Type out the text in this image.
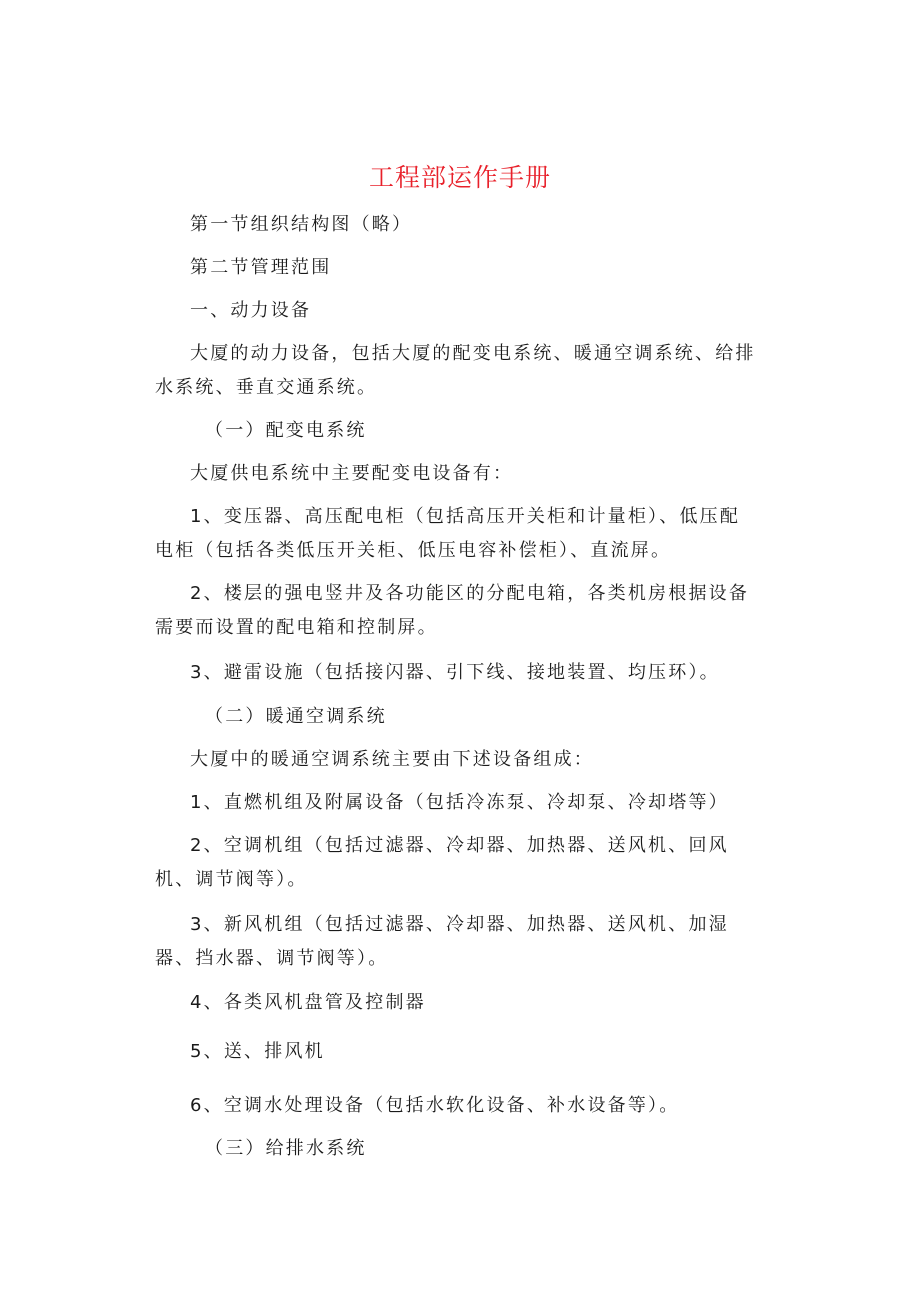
工程部运作手册
第一节组织结构图（略）
第二节管理范围
一、动力设备
大厦的动力设备，包括大厦的配变电系统、暖通空调系统、给排
水系统、垂直交通系统。
（一）配变电系统
大厦供电系统中主要配变电设备有：
1、变压器、高压配电柜（包括高压开关柜和计量柜）、低压配
电柜（包括各类低压开关柜、低压电容补偿柜）、直流屏。
2、楼层的强电竖井及各功能区的分配电箱，各类机房根据设备
需要而设置的配电箱和控制屏。
3、避雷设施（包括接闪器、引下线、接地装置、均压环）。
（二）暖通空调系统
大厦中的暖通空调系统主要由下述设备组成：
1、直燃机组及附属设备（包括冷冻泵、冷却泵、冷却塔等）
2、空调机组（包括过滤器、冷却器、加热器、送风机、回风
机、调节阀等）。
3、新风机组（包括过滤器、冷却器、加热器、送风机、加湿
器、挡水器、调节阀等）。
4、各类风机盘管及控制器
5、送、排风机
6、空调水处理设备（包括水软化设备、补水设备等）。
（三）给排水系统
